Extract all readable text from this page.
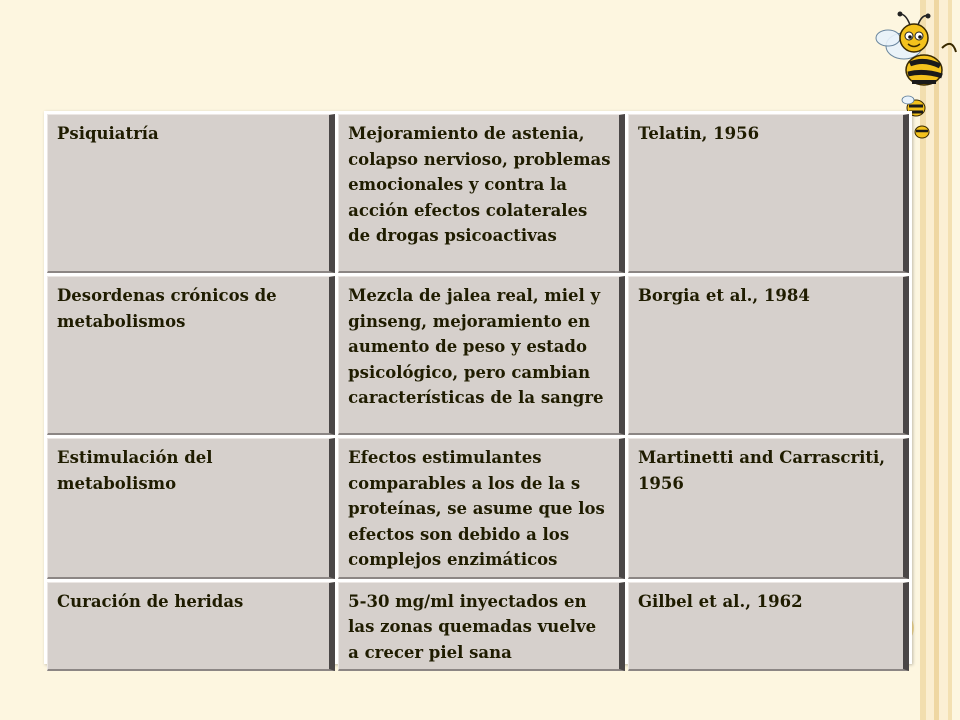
Psiquiatría	Mejoramiento de astenia, colapso nervioso, problemas emocionales y contra la acción efectos colaterales de drogas psicoactivas	Telatin, 1956
Desordenas crónicos de metabolismos	Mezcla de jalea real, miel y ginseng, mejoramiento en aumento de peso y estado psicológico, pero cambian características de la sangre	Borgia et al., 1984
Estimulación del metabolismo	Efectos estimulantes comparables a los de la s proteínas, se asume que los efectos son debido a los complejos enzimáticos	Martinetti and Carrascriti, 1956
Curación de heridas	5-30 mg/ml inyectados en las zonas quemadas vuelve a crecer piel sana	Gilbel et al., 1962
